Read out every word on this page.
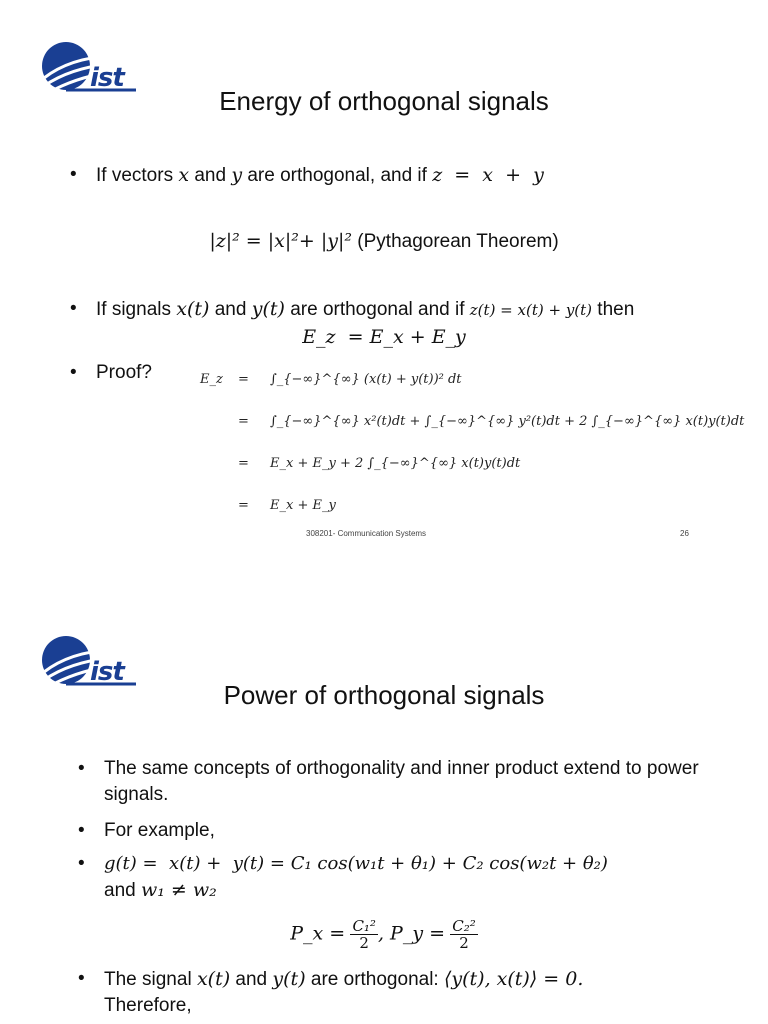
ist
Energy of orthogonal signals
• If vectors x and y are orthogonal, and if z  =  x  +  y
|z|² = |x|²+ |y|² (Pythagorean Theorem)
• If signals x(t) and y(t) are orthogonal and if z(t) = x(t) + y(t) then
E_z  = E_x + E_y
• Proof?	E_z	= ∫_{−∞}^{∞} (x(t) + y(t))² dt
= ∫_{−∞}^{∞} x²(t)dt + ∫_{−∞}^{∞} y²(t)dt + 2 ∫_{−∞}^{∞} x(t)y(t)dt
= E_x + E_y + 2 ∫_{−∞}^{∞} x(t)y(t)dt
= E_x + E_y
308201- Communication Systems	26
ist
Power of orthogonal signals
• The same concepts of orthogonality and inner product extend to power signals.
• For example,
• g(t) =  x(t) +  y(t) = C₁ cos(w₁t + θ₁) + C₂ cos(w₂t + θ₂)
and w₁ ≠ w₂
P_x = $\frac{\text{C₁²}}{2}$ , P_y = $\frac{\text{C₂²}}{2}$
• The signal x(t) and y(t) are orthogonal: ⟨y(t), x(t)⟩ = 0.
Therefore,
